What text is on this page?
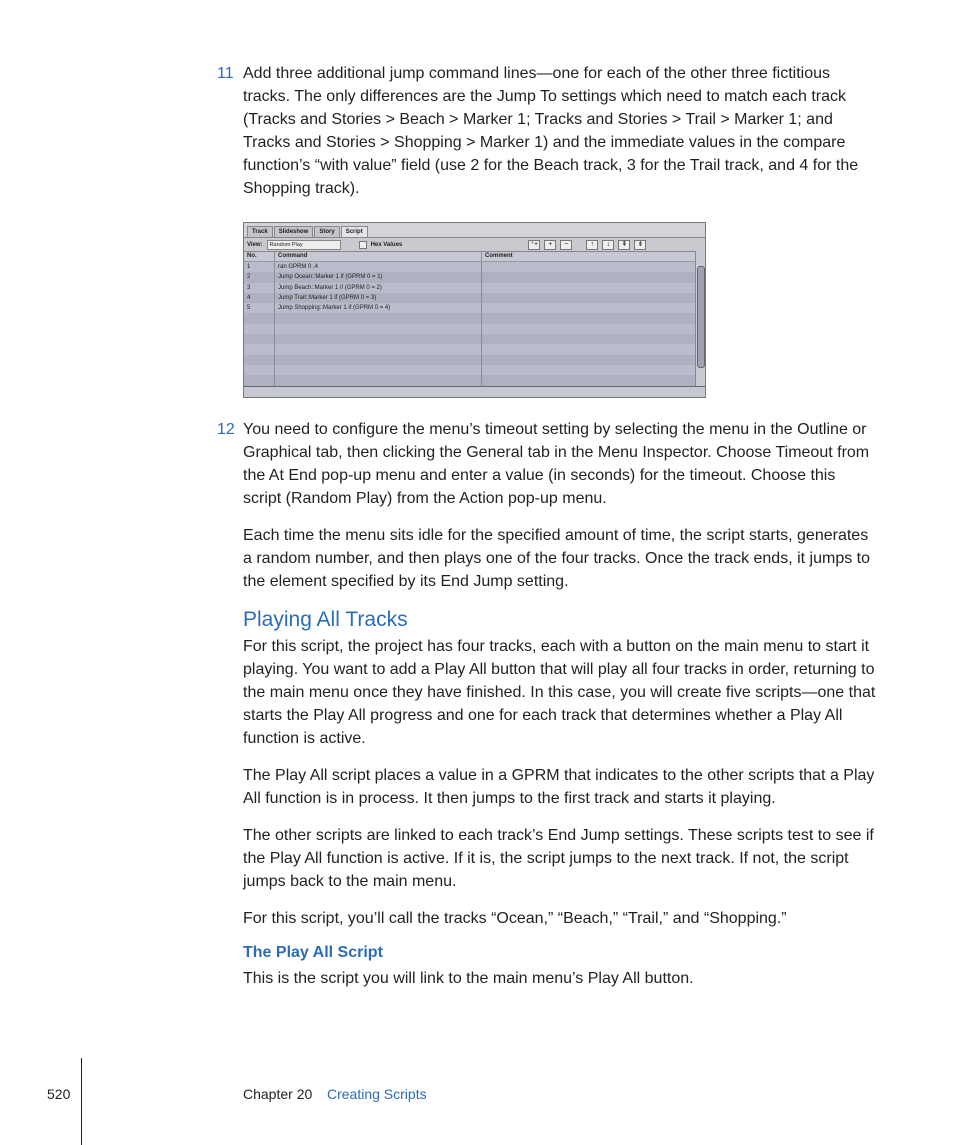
11 Add three additional jump command lines—one for each of the other three fictitious tracks. The only differences are the Jump To settings which need to match each track (Tracks and Stories > Beach > Marker 1; Tracks and Stories > Trail > Marker 1; and Tracks and Stories > Shopping > Marker 1) and the immediate values in the compare function’s “with value” field (use 2 for the Beach track, 3 for the Trail track, and 4 for the Shopping track).

Track	Slideshow	Story	Script
View:	Random Play	Hex Values	⁺+	+	−	↑	↓	⇞	⇟
No.	Command	Comment
1	ran GPRM 0 ,4
2	Jump Ocean::Marker 1 if (GPRM 0 = 1)
3	Jump Beach::Marker 1 if (GPRM 0 = 2)
4	Jump Trail::Marker 1 if (GPRM 0 = 3)
5	Jump Shopping::Marker 1 if (GPRM 0 = 4)
12 You need to configure the menu’s timeout setting by selecting the menu in the Outline or Graphical tab, then clicking the General tab in the Menu Inspector. Choose Timeout from the At End pop-up menu and enter a value (in seconds) for the timeout. Choose this script (Random Play) from the Action pop-up menu.

Each time the menu sits idle for the specified amount of time, the script starts, generates a random number, and then plays one of the four tracks. Once the track ends, it jumps to the element specified by its End Jump setting.

Playing All Tracks

For this script, the project has four tracks, each with a button on the main menu to start it playing. You want to add a Play All button that will play all four tracks in order, returning to the main menu once they have finished. In this case, you will create five scripts—one that starts the Play All progress and one for each track that determines whether a Play All function is active.

The Play All script places a value in a GPRM that indicates to the other scripts that a Play All function is in process. It then jumps to the first track and starts it playing.

The other scripts are linked to each track’s End Jump settings. These scripts test to see if the Play All function is active. If it is, the script jumps to the next track. If not, the script jumps back to the main menu.

For this script, you’ll call the tracks “Ocean,” “Beach,” “Trail,” and “Shopping.”

The Play All Script

This is the script you will link to the main menu’s Play All button.

520	Chapter 20 Creating Scripts
